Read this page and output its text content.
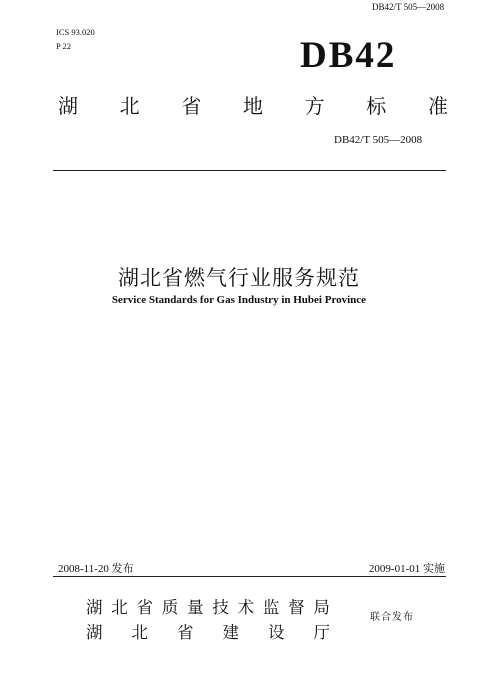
DB42/T 505—2008
ICS 93.020
P 22	DB42
湖 北 省 地 方 标 准
DB42/T 505—2008
湖北省燃气行业服务规范
Service Standards for Gas Industry in Hubei Province
2008-11-20 发布	2009-01-01 实施
湖 北 省 质 量 技 术 监 督 局
湖 北 省 建 设 厅
联合发布
